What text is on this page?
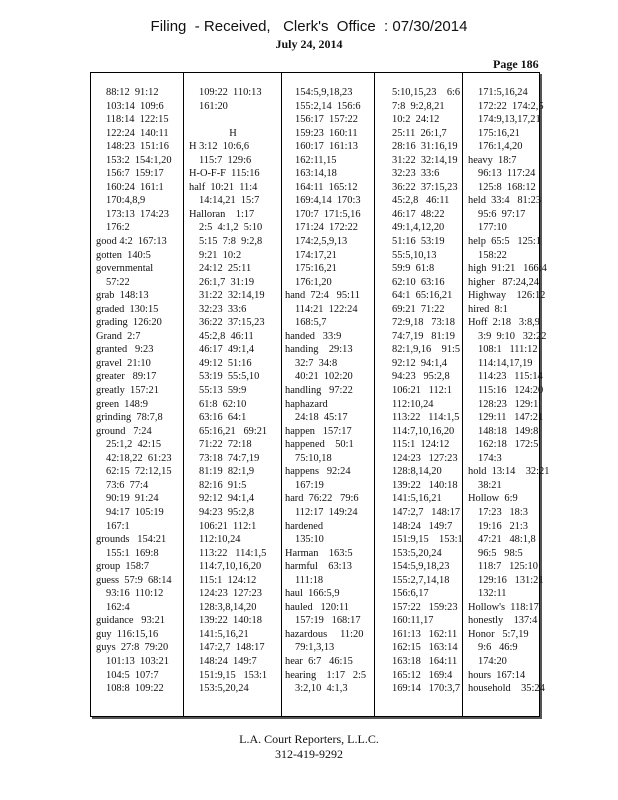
Filing  - Received,   Clerk's  Office  : 07/30/2014
July 24, 2014
Page 186
88:12  91:12
103:14  109:6
118:14  122:15
122:24  140:11
148:23  151:16
153:2  154:1,20
156:7  159:17
160:24  161:1
170:4,8,9
173:13  174:23
176:2
good 4:2  167:13
gotten  140:5
governmental
57:22
grab  148:13
graded  130:15
grading  126:20
Grand  2:7
granted   9:23
gravel  21:10
greater   89:17
greatly  157:21
green  148:9
grinding  78:7,8
ground   7:24
25:1,2  42:15
42:18,22  61:23
62:15  72:12,15
73:6  77:4
90:19  91:24
94:17  105:19
167:1
grounds   154:21
155:1  169:8
group  158:7
guess  57:9  68:14
93:16  110:12
162:4
guidance   93:21
guy  116:15,16
guys  27:8  79:20
101:13  103:21
104:5  107:7
108:8  109:22
109:22  110:13
161:20
H
H 3:12  10:6,6
115:7  129:6
H-O-F-F  115:16
half  10:21  11:4
14:14,21  15:7
Halloran    1:17
2:5  4:1,2  5:10
5:15  7:8  9:2,8
9:21  10:2
24:12  25:11
26:1,7  31:19
31:22  32:14,19
32:23  33:6
36:22  37:15,23
45:2,8  46:11
46:17  49:1,4
49:12  51:16
53:19  55:5,10
55:13  59:9
61:8  62:10
63:16  64:1
65:16,21   69:21
71:22  72:18
73:18  74:7,19
81:19  82:1,9
82:16  91:5
92:12  94:1,4
94:23  95:2,8
106:21  112:1
112:10,24
113:22   114:1,5
114:7,10,16,20
115:1  124:12
124:23  127:23
128:3,8,14,20
139:22  140:18
141:5,16,21
147:2,7  148:17
148:24  149:7
151:9,15   153:1
153:5,20,24
154:5,9,18,23
155:2,14  156:6
156:17  157:22
159:23  160:11
160:17  161:13
162:11,15
163:14,18
164:11  165:12
169:4,14  170:3
170:7  171:5,16
171:24  172:22
174:2,5,9,13
174:17,21
175:16,21
176:1,20
hand  72:4   95:11
114:21  122:24
168:5,7
handed   33:9
handing    29:13
32:7  34:8
40:21  102:20
handling   97:22
haphazard
24:18  45:17
happen   157:17
happened    50:1
75:10,18
happens   92:24
167:19
hard  76:22   79:6
112:17  149:24
hardened
135:10
Harman    163:5
harmful    63:13
111:18
haul  166:5,9
hauled   120:11
157:19   168:17
hazardous     11:20
79:1,3,13
hear  6:7   46:15
hearing    1:17   2:5
3:2,10  4:1,3
5:10,15,23    6:6
7:8  9:2,8,21
10:2  24:12
25:11  26:1,7
28:16  31:16,19
31:22  32:14,19
32:23  33:6
36:22  37:15,23
45:2,8   46:11
46:17  48:22
49:1,4,12,20
51:16  53:19
55:5,10,13
59:9  61:8
62:10  63:16
64:1  65:16,21
69:21  71:22
72:9,18   73:18
74:7,19   81:19
82:1,9,16    91:5
92:12  94:1,4
94:23   95:2,8
106:21   112:1
112:10,24
113:22   114:1,5
114:7,10,16,20
115:1  124:12
124:23   127:23
128:8,14,20
139:22   140:18
141:5,16,21
147:2,7   148:17
148:24   149:7
151:9,15    153:1
153:5,20,24
154:5,9,18,23
155:2,7,14,18
156:6,17
157:22   159:23
160:11,17
161:13   162:11
162:15   163:14
163:18   164:11
165:12   169:4
169:14   170:3,7
171:5,16,24
172:22  174:2,5
174:9,13,17,21
175:16,21
176:1,4,20
heavy  18:7
96:13  117:24
125:8  168:12
held  33:4   81:23
95:6  97:17
177:10
help  65:5   125:1
158:22
high  91:21   166:4
higher   87:24,24
Highway    126:12
hired  8:1
Hoff  2:18   3:8,9
3:9  9:10   32:22
108:1   111:12
114:14,17,19
114:23   115:14
115:16   124:20
128:23   129:1
129:11   147:21
148:18   149:8
162:18   172:5
174:3
hold  13:14    32:21
38:21
Hollow  6:9
17:23   18:3
19:16   21:3
47:21   48:1,8
96:5   98:5
118:7   125:10
129:16   131:21
132:11
Hollow's  118:17
honestly    137:4
Honor   5:7,19
9:6   46:9
174:20
hours  167:14
household    35:24
L.A. Court Reporters, L.L.C.
312-419-9292
